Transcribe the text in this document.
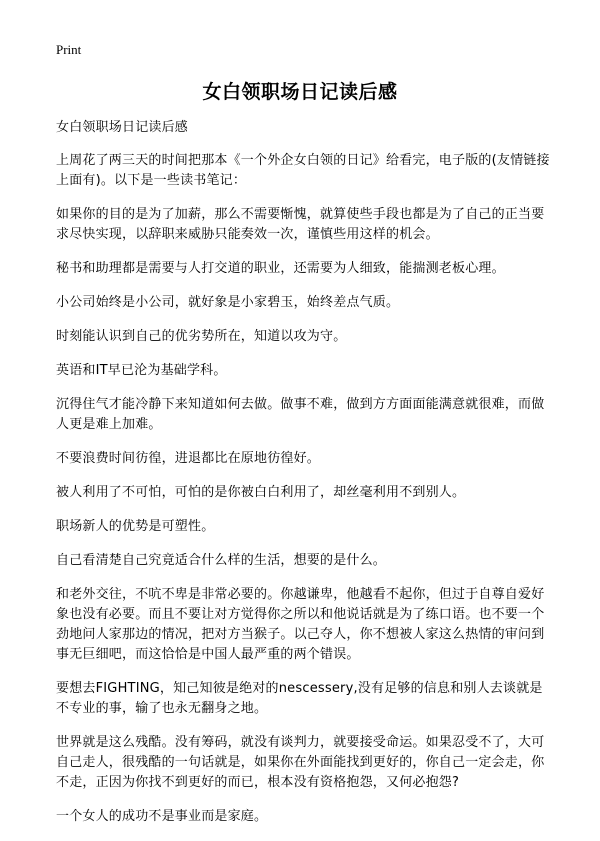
Print
女白领职场日记读后感

女白领职场日记读后感

上周花了两三天的时间把那本《一个外企女白领的日记》给看完，电子版的(友情链接上面有)。以下是一些读书笔记：

如果你的目的是为了加薪，那么不需要惭愧，就算使些手段也都是为了自己的正当要求尽快实现，以辞职来威胁只能奏效一次，谨慎些用这样的机会。

秘书和助理都是需要与人打交道的职业，还需要为人细致，能揣测老板心理。

小公司始终是小公司，就好象是小家碧玉，始终差点气质。

时刻能认识到自己的优劣势所在，知道以攻为守。

英语和IT早已沦为基础学科。

沉得住气才能冷静下来知道如何去做。做事不难，做到方方面面能满意就很难，而做人更是难上加难。

不要浪费时间彷徨，进退都比在原地彷徨好。

被人利用了不可怕，可怕的是你被白白利用了，却丝毫利用不到别人。

职场新人的优势是可塑性。

自己看清楚自己究竟适合什么样的生活，想要的是什么。

和老外交往，不吭不卑是非常必要的。你越谦卑，他越看不起你，但过于自尊自爱好象也没有必要。而且不要让对方觉得你之所以和他说话就是为了练口语。也不要一个劲地问人家那边的情况，把对方当猴子。以己夺人，你不想被人家这么热情的审问到事无巨细吧，而这恰恰是中国人最严重的两个错误。

要想去FIGHTING，知己知彼是绝对的nescessery,没有足够的信息和别人去谈就是不专业的事，输了也永无翻身之地。

世界就是这么残酷。没有筹码，就没有谈判力，就要接受命运。如果忍受不了，大可自己走人，很残酷的一句话就是，如果你在外面能找到更好的，你自己一定会走，你不走，正因为你找不到更好的而已，根本没有资格抱怨，又何必抱怨?

一个女人的成功不是事业而是家庭。
